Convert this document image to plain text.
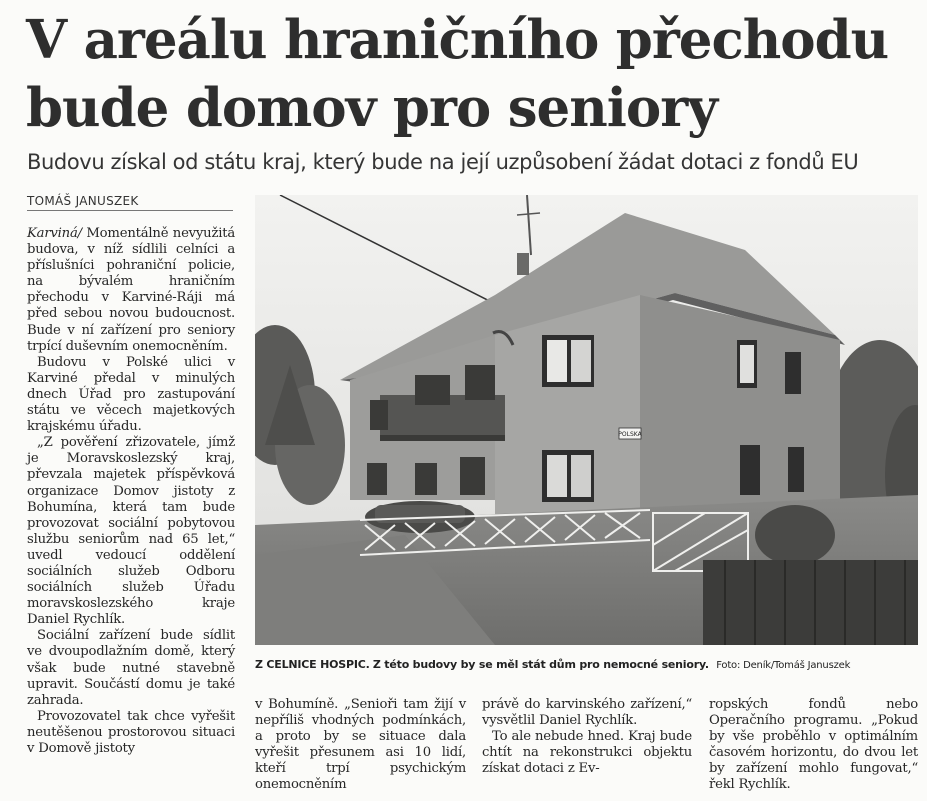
V areálu hraničního přechodu
bude domov pro seniory
Budovu získal od státu kraj, který bude na její uzpůsobení žádat dotaci z fondů EU
TOMÁŠ JANUSZEK

Karviná/ Momentálně nevyužitá budova, v níž sídlili celníci a příslušníci pohraniční policie, na bývalém hraničním přechodu v Karviné-Ráji má před sebou novou budoucnost. Bude v ní zařízení pro seniory trpící duševním onemocněním.

Budovu v Polské ulici v Karviné předal v minulých dnech Úřad pro zastupování státu ve věcech majetkových krajskému úřadu.

„Z pověření zřizovatele, jímž je Moravskoslezský kraj, převzala majetek příspěvková organizace Domov jistoty z Bohumína, která tam bude provozovat sociální pobytovou službu seniorům nad 65 let,“ uvedl vedoucí oddělení sociálních služeb Odboru sociálních služeb Úřadu moravskoslezského kraje Daniel Rychlík.

Sociální zařízení bude sídlit ve dvoupodlažním domě, který však bude nutné stavebně upravit. Součástí domu je také zahrada.

Provozovatel tak chce vyřešit neutěšenou prostorovou situaci v Domově jistoty

POLSKA
Z CELNICE HOSPIC. Z této budovy by se měl stát dům pro nemocné seniory. Foto: Deník/Tomáš Januszek

v Bohumíně. „Senioři tam žijí v nepříliš vhodných podmínkách, a proto by se situace dala vyřešit přesunem asi 10 lidí, kteří trpí psychickým onemocněním

právě do karvinského zařízení,“ vysvětlil Daniel Rychlík.

To ale nebude hned. Kraj bude chtít na rekonstrukci objektu získat dotaci z Ev-

ropských fondů nebo Operačního programu. „Pokud by vše proběhlo v optimálním časovém horizontu, do dvou let by zařízení mohlo fungovat,“ řekl Rychlík.
